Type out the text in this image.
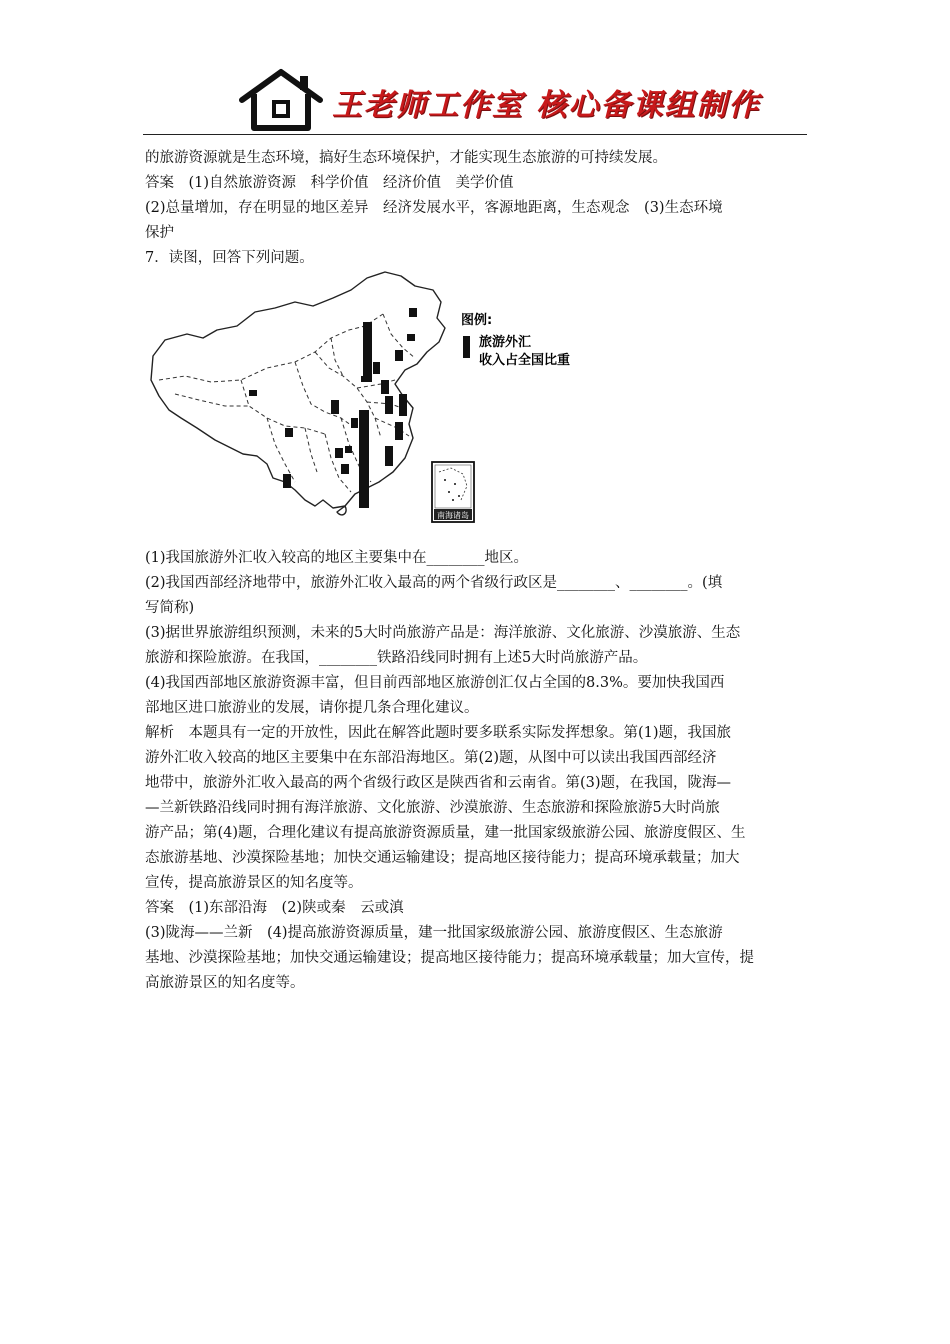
王老师工作室 核心备课组制作

的旅游资源就是生态环境，搞好生态环境保护，才能实现生态旅游的可持续发展。

答案　(1)自然旅游资源　科学价值　经济价值　美学价值

(2)总量增加，存在明显的地区差异　经济发展水平，客源地距离，生态观念　(3)生态环境

保护

7．读图，回答下列问题。

图例:
旅游外汇
收入占全国比重
南海诸岛

(1)我国旅游外汇收入较高的地区主要集中在________地区。

(2)我国西部经济地带中，旅游外汇收入最高的两个省级行政区是________、________。(填

写简称)

(3)据世界旅游组织预测，未来的5大时尚旅游产品是：海洋旅游、文化旅游、沙漠旅游、生态

旅游和探险旅游。在我国，________铁路沿线同时拥有上述5大时尚旅游产品。

(4)我国西部地区旅游资源丰富，但目前西部地区旅游创汇仅占全国的8.3%。要加快我国西

部地区进口旅游业的发展，请你提几条合理化建议。

解析　本题具有一定的开放性，因此在解答此题时要多联系实际发挥想象。第(1)题，我国旅

游外汇收入较高的地区主要集中在东部沿海地区。第(2)题，从图中可以读出我国西部经济

地带中，旅游外汇收入最高的两个省级行政区是陕西省和云南省。第(3)题，在我国，陇海—

—兰新铁路沿线同时拥有海洋旅游、文化旅游、沙漠旅游、生态旅游和探险旅游5大时尚旅

游产品；第(4)题，合理化建议有提高旅游资源质量，建一批国家级旅游公园、旅游度假区、生

态旅游基地、沙漠探险基地；加快交通运输建设；提高地区接待能力；提高环境承载量；加大

宣传，提高旅游景区的知名度等。

答案　(1)东部沿海　(2)陕或秦　云或滇

(3)陇海——兰新　(4)提高旅游资源质量，建一批国家级旅游公园、旅游度假区、生态旅游

基地、沙漠探险基地；加快交通运输建设；提高地区接待能力；提高环境承载量；加大宣传，提

高旅游景区的知名度等。
